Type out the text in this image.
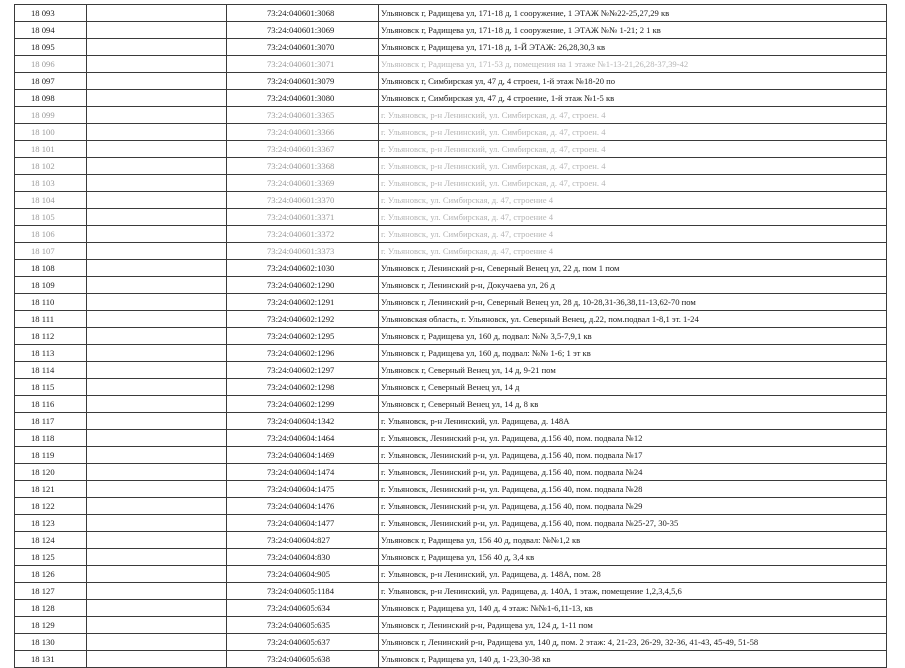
18 093		73:24:040601:3068	Ульяновск г, Радищева ул, 171-18 д, 1 сооружение, 1 ЭТАЖ №№22-25,27,29 кв
18 094		73:24:040601:3069	Ульяновск г, Радищева ул, 171-18 д, 1 сооружение, 1 ЭТАЖ №№ 1-21; 2 1 кв
18 095		73:24:040601:3070	Ульяновск г, Радищева ул, 171-18 д, 1-Й ЭТАЖ: 26,28,30,3 кв
18 096		73:24:040601:3071	Ульяновск г, Радищева ул, 171-53 д, помещения на 1 этаже №1-13-21,26,28-37,39-42
18 097		73:24:040601:3079	Ульяновск г, Симбирская ул, 47 д, 4 строен, 1-й этаж №18-20 по
18 098		73:24:040601:3080	Ульяновск г, Симбирская ул, 47 д, 4 строение, 1-й этаж №1-5 кв
18 099		73:24:040601:3365	г. Ульяновск, р-н Ленинский, ул. Симбирская, д. 47, строен. 4
18 100		73:24:040601:3366	г. Ульяновск, р-н Ленинский, ул. Симбирская, д. 47, строен. 4
18 101		73:24:040601:3367	г. Ульяновск, р-н Ленинский, ул. Симбирская, д. 47, строен. 4
18 102		73:24:040601:3368	г. Ульяновск, р-н Ленинский, ул. Симбирская, д. 47, строен. 4
18 103		73:24:040601:3369	г. Ульяновск, р-н Ленинский, ул. Симбирская, д. 47, строен. 4
18 104		73:24:040601:3370	г. Ульяновск, ул. Симбирская, д. 47, строение 4
18 105		73:24:040601:3371	г. Ульяновск, ул. Симбирская, д. 47, строение 4
18 106		73:24:040601:3372	г. Ульяновск, ул. Симбирская, д. 47, строение 4
18 107		73:24:040601:3373	г. Ульяновск, ул. Симбирская, д. 47, строение 4
18 108		73:24:040602:1030	Ульяновск г, Ленинский р-н, Северный Венец ул, 22 д, пом 1 пом
18 109		73:24:040602:1290	Ульяновск г, Ленинский р-н, Докучаева ул, 26 д
18 110		73:24:040602:1291	Ульяновск г, Ленинский р-н, Северный Венец ул, 28 д, 10-28,31-36,38,11-13,62-70 пом
18 111		73:24:040602:1292	Ульяновская область, г. Ульяновск, ул. Северный Венец, д.22, пом.подвал 1-8,1 эт. 1-24
18 112		73:24:040602:1295	Ульяновск г, Радищева ул, 160 д, подвал: №№ 3,5-7,9,1 кв
18 113		73:24:040602:1296	Ульяновск г, Радищева ул, 160 д, подвал: №№ 1-6; 1 эт кв
18 114		73:24:040602:1297	Ульяновск г, Северный Венец ул, 14 д, 9-21 пом
18 115		73:24:040602:1298	Ульяновск г, Северный Венец ул, 14 д
18 116		73:24:040602:1299	Ульяновск г, Северный Венец ул, 14 д, 8 кв
18 117		73:24:040604:1342	г. Ульяновск, р-н Ленинский, ул. Радищева, д. 148А
18 118		73:24:040604:1464	г. Ульяновск, Ленинский р-н, ул. Радищева, д.156 40, пом. подвала №12
18 119		73:24:040604:1469	г. Ульяновск, Ленинский р-н, ул. Радищева, д.156 40, пом. подвала №17
18 120		73:24:040604:1474	г. Ульяновск, Ленинский р-н, ул. Радищева, д.156 40, пом. подвала №24
18 121		73:24:040604:1475	г. Ульяновск, Ленинский р-н, ул. Радищева, д.156 40, пом. подвала №28
18 122		73:24:040604:1476	г. Ульяновск, Ленинский р-н, ул. Радищева, д.156 40, пом. подвала №29
18 123		73:24:040604:1477	г. Ульяновск, Ленинский р-н, ул. Радищева, д.156 40, пом. подвала №25-27, 30-35
18 124		73:24:040604:827	Ульяновск г, Радищева ул, 156 40 д, подвал: №№1,2 кв
18 125		73:24:040604:830	Ульяновск г, Радищева ул, 156 40 д, 3,4 кв
18 126		73:24:040604:905	г. Ульяновск, р-н Ленинский, ул. Радищева, д. 148А, пом. 28
18 127		73:24:040605:1184	г. Ульяновск, р-н Ленинский, ул. Радищева, д. 140А, 1 этаж, помещение 1,2,3,4,5,6
18 128		73:24:040605:634	Ульяновск г, Радищева ул, 140 д, 4 этаж: №№1-6,11-13, кв
18 129		73:24:040605:635	Ульяновск г, Ленинский р-н, Радищева ул, 124 д, 1-11 пом
18 130		73:24:040605:637	Ульяновск г, Ленинский р-н, Радищева ул, 140 д, пом. 2 этаж: 4, 21-23, 26-29, 32-36, 41-43, 45-49, 51-58
18 131		73:24:040605:638	Ульяновск г, Радищева ул, 140 д, 1-23,30-38 кв
